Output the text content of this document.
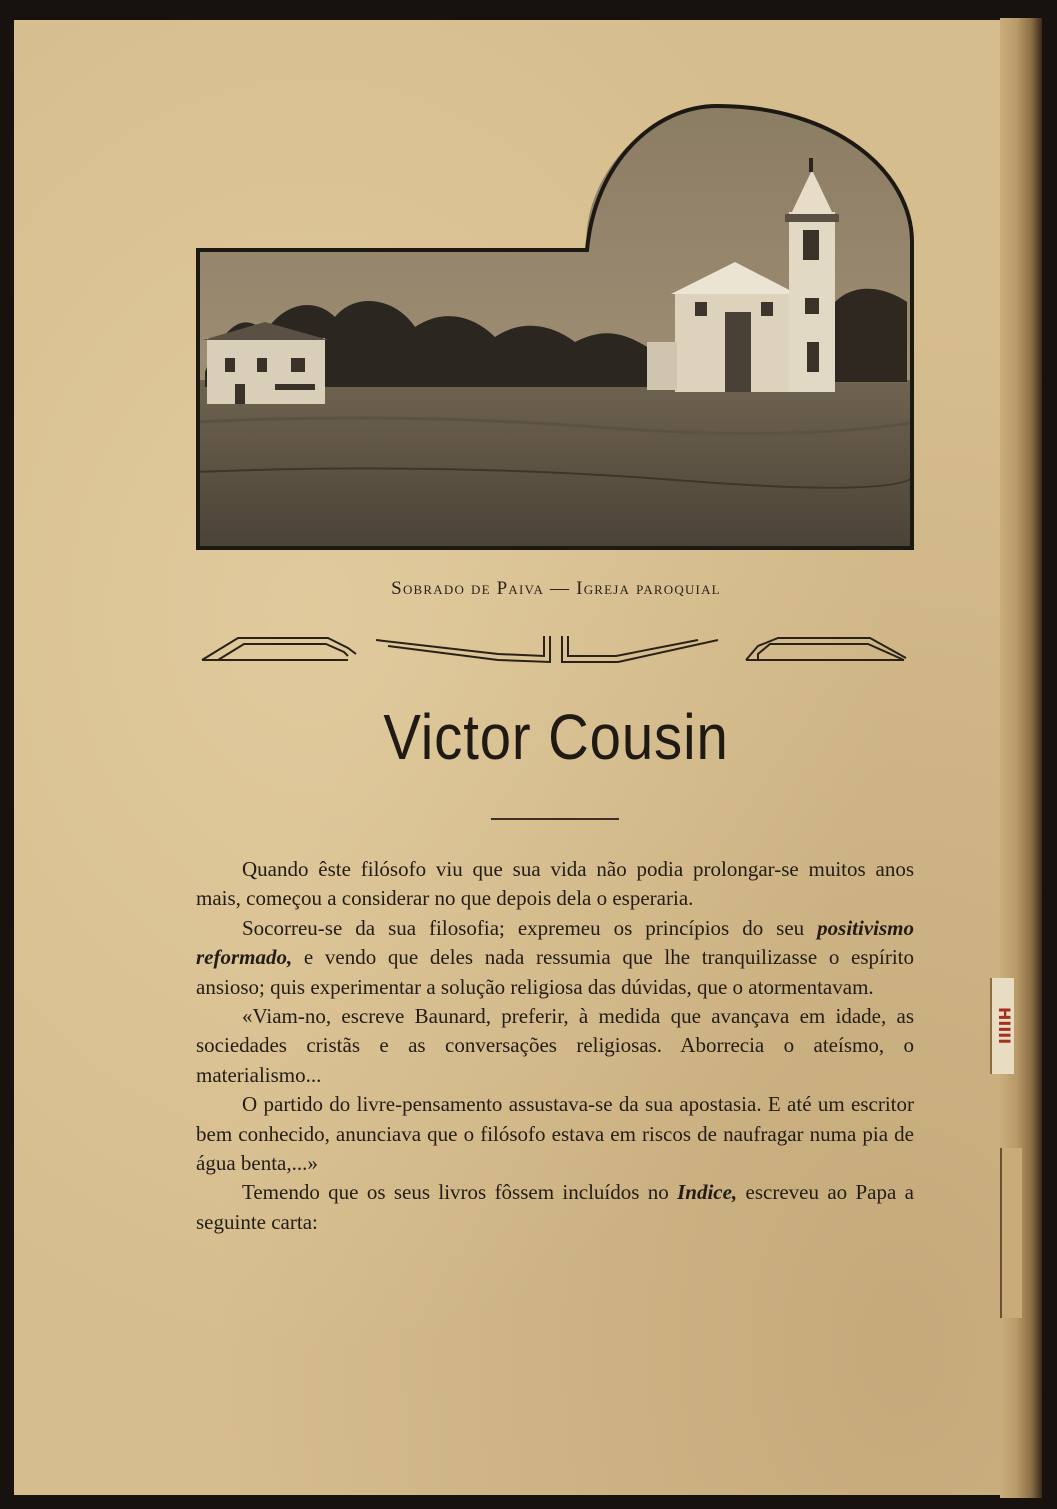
HIIII
Sobrado de Paiva — Igreja paroquial
Victor Cousin

Quando êste filósofo viu que sua vida não podia prolongar-se muitos anos mais, começou a considerar no que depois dela o esperaria.

Socorreu-se da sua filosofia; expremeu os princípios do seu positivismo reformado, e vendo que deles nada ressumia que lhe tranquilizasse o espírito ansioso; quis experimentar a solução religiosa das dúvidas, que o atormentavam.

«Viam-no, escreve Baunard, preferir, à medida que avançava em idade, as sociedades cristãs e as conversações religiosas. Aborrecia o ateísmo, o materialismo...

O partido do livre-pensamento assustava-se da sua apostasia. E até um escritor bem conhecido, anunciava que o filósofo estava em riscos de naufragar numa pia de água benta,...»

Temendo que os seus livros fôssem incluídos no Indice, escreveu ao Papa a seguinte carta:
